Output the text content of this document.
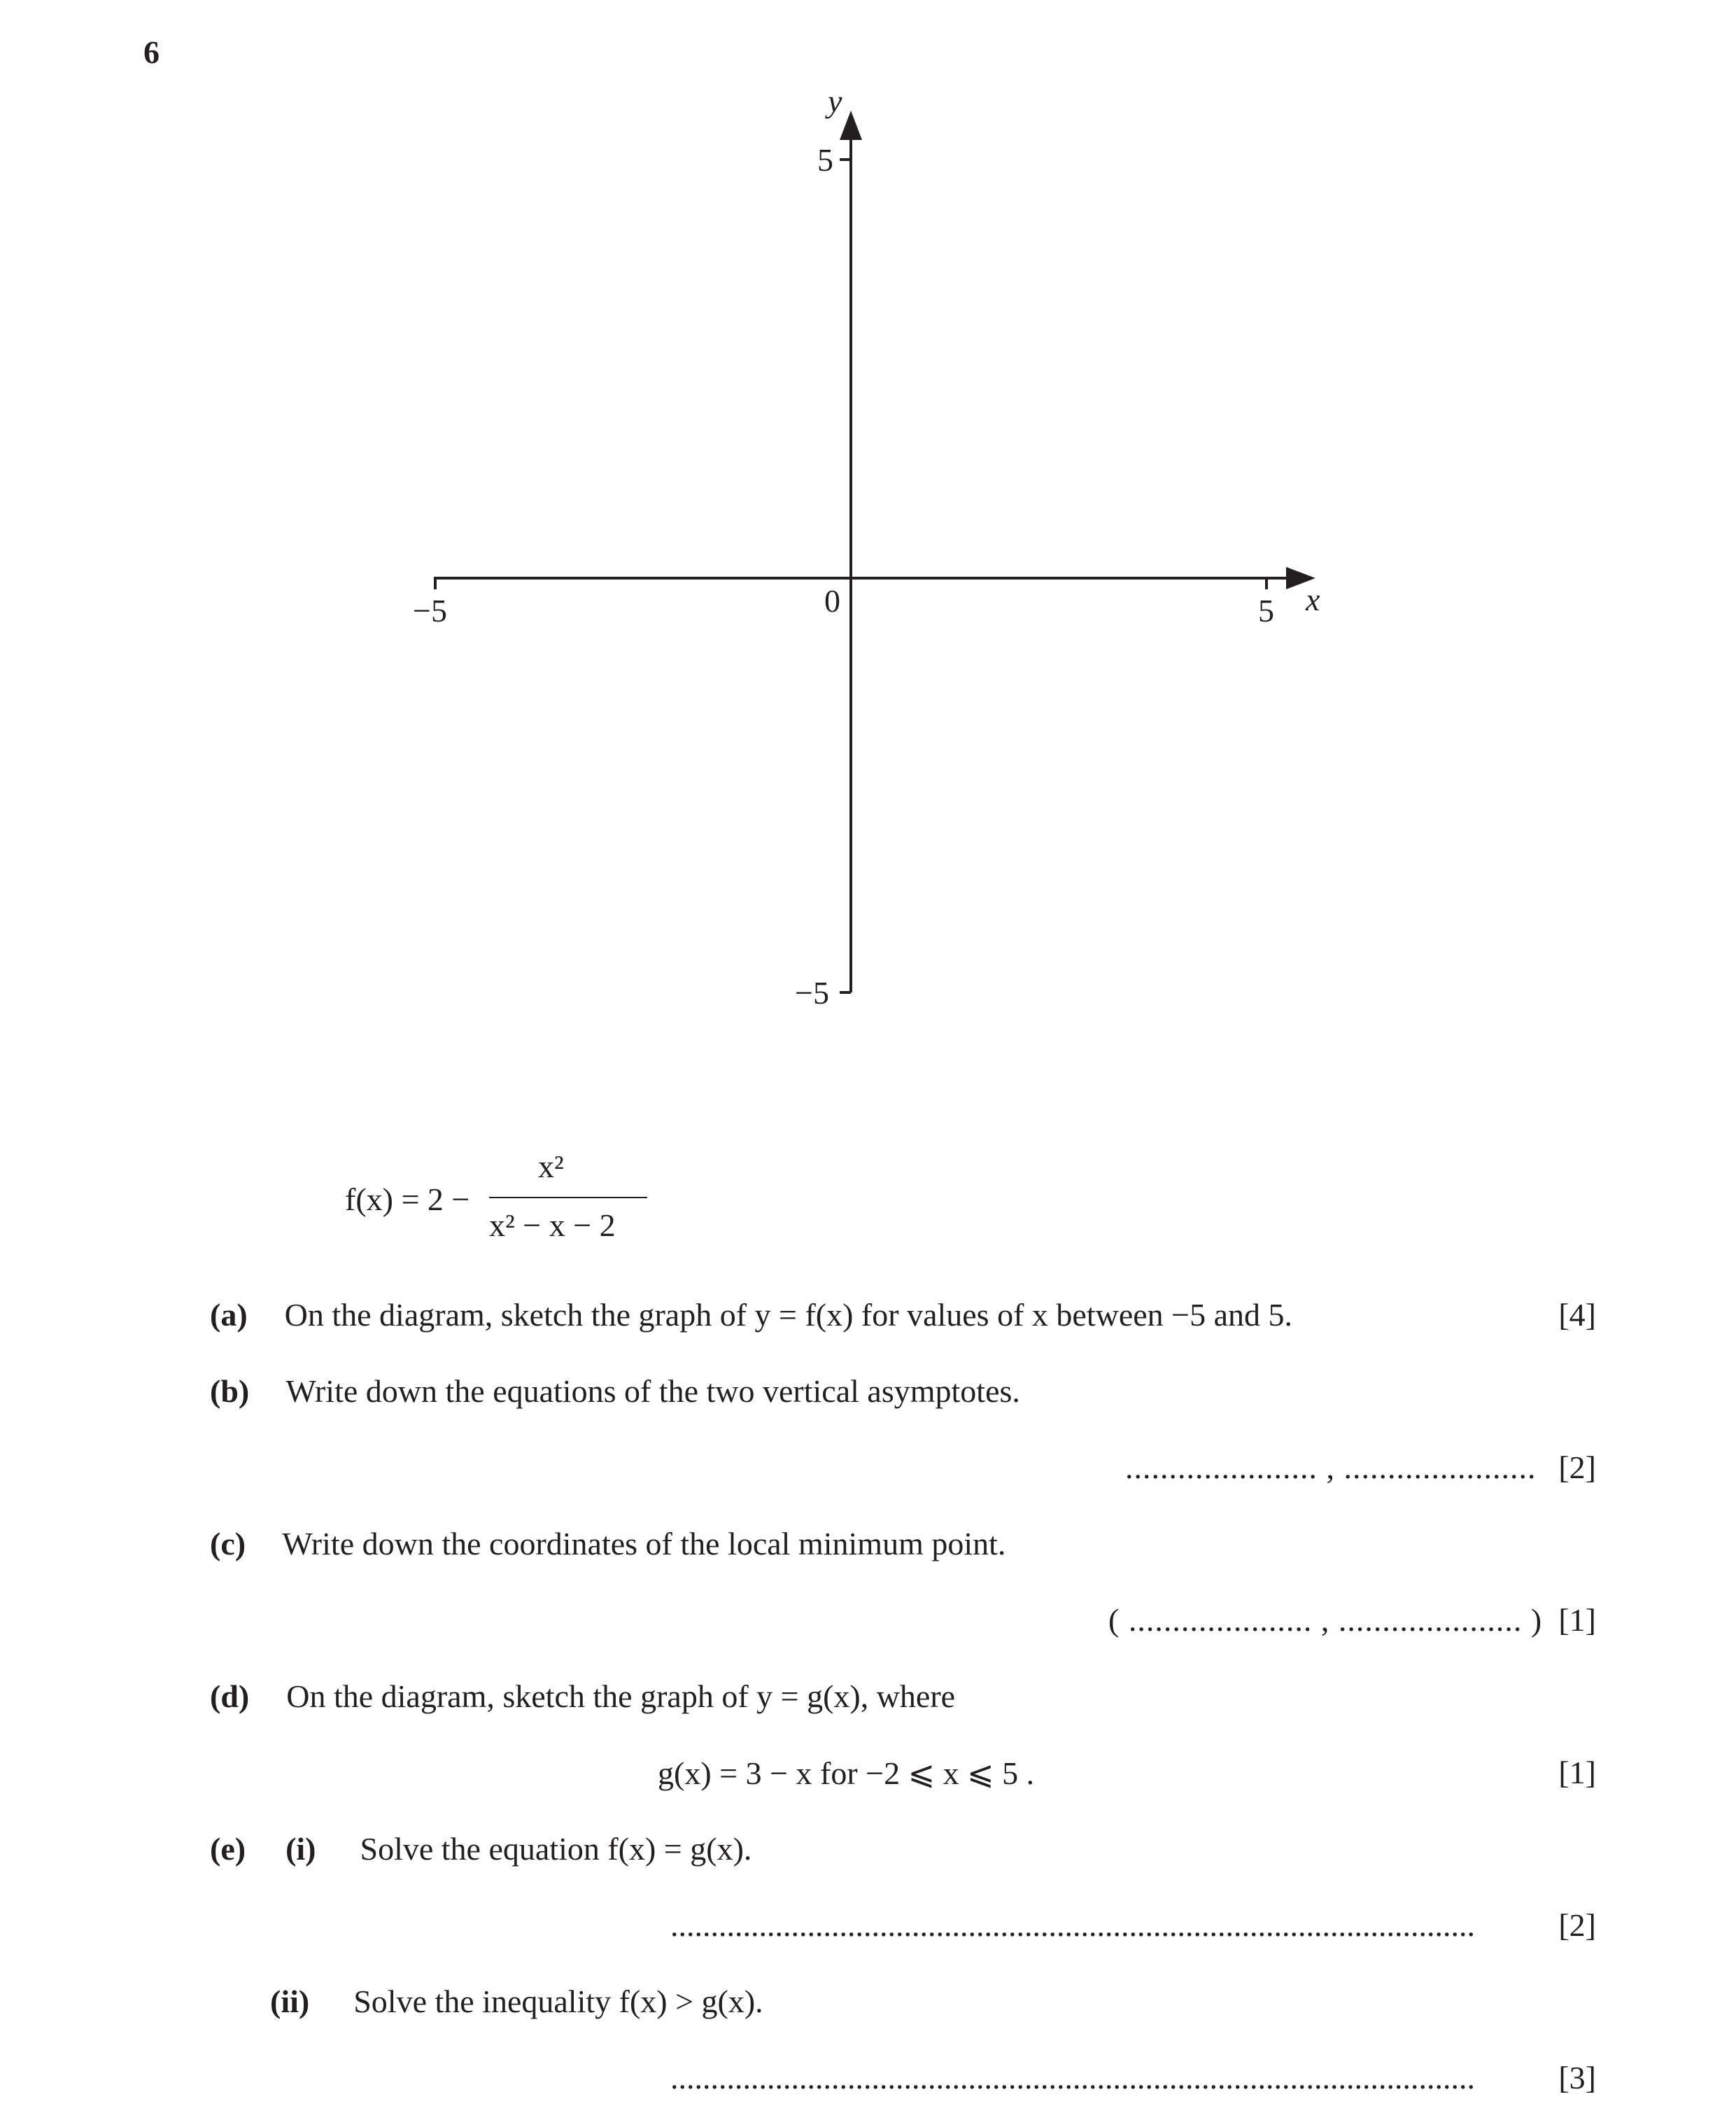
6
y
5
−5
−5	5
0	x
f(x) = 2 −
x²
x² − x − 2
(a) On the diagram, sketch the graph of y = f(x) for values of x between −5 and 5.	[4]
(b) Write down the equations of the two vertical asymptotes.
...................... , ...................... [2]
(c) Write down the coordinates of the local minimum point.
( ..................... , ..................... ) [1]
(d) On the diagram, sketch the graph of y = g(x), where
g(x) = 3 − x for −2 ⩽ x ⩽ 5 .	[1]
(e) (i) Solve the equation f(x) = g(x).
....................................................................................................	[2]
(ii) Solve the inequality f(x) > g(x).
....................................................................................................	[3]
